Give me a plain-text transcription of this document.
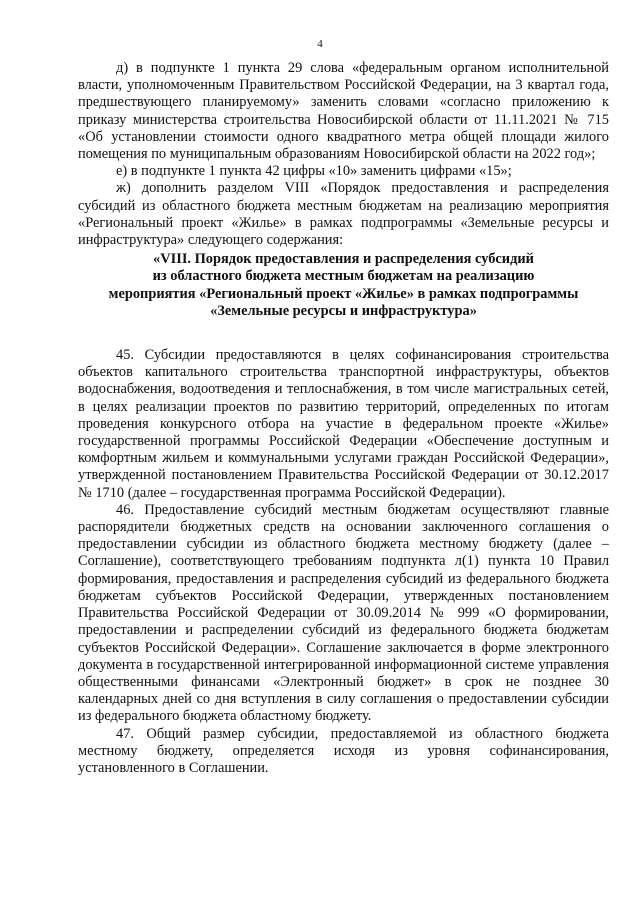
4

д) в подпункте 1 пункта 29 слова «федеральным органом исполнительной власти, уполномоченным Правительством Российской Федерации, на 3 квартал года, предшествующего планируемому» заменить словами «согласно приложению к приказу министерства строительства Новосибирской области от 11.11.2021 № 715 «Об установлении стоимости одного квадратного метра общей площади жилого помещения по муниципальным образованиям Новосибирской области на 2022 год»;

е) в подпункте 1 пункта 42 цифры «10» заменить цифрами «15»;

ж) дополнить разделом VIII «Порядок предоставления и распределения субсидий из областного бюджета местным бюджетам на реализацию мероприятия «Региональный проект «Жилье» в рамках подпрограммы «Земельные ресурсы и инфраструктура» следующего содержания:

«VIII. Порядок предоставления и распределения субсидий
из областного бюджета местным бюджетам на реализацию
мероприятия «Региональный проект «Жилье» в рамках подпрограммы
«Земельные ресурсы и инфраструктура»

45. Субсидии предоставляются в целях софинансирования строительства объектов капитального строительства транспортной инфраструктуры, объектов водоснабжения, водоотведения и теплоснабжения, в том числе магистральных сетей, в целях реализации проектов по развитию территорий, определенных по итогам проведения конкурсного отбора на участие в федеральном проекте «Жилье» государственной программы Российской Федерации «Обеспечение доступным и комфортным жильем и коммунальными услугами граждан Российской Федерации», утвержденной постановлением Правительства Российской Федерации от 30.12.2017 № 1710 (далее – государственная программа Российской Федерации).

46. Предоставление субсидий местным бюджетам осуществляют главные распорядители бюджетных средств на основании заключенного соглашения о предоставлении субсидии из областного бюджета местному бюджету (далее – Соглашение), соответствующего требованиям подпункта л(1) пункта 10 Правил формирования, предоставления и распределения субсидий из федерального бюджета бюджетам субъектов Российской Федерации, утвержденных постановлением Правительства Российской Федерации от 30.09.2014 № 999 «О формировании, предоставлении и распределении субсидий из федерального бюджета бюджетам субъектов Российской Федерации». Соглашение заключается в форме электронного документа в государственной интегрированной информационной системе управления общественными финансами «Электронный бюджет» в срок не позднее 30 календарных дней со дня вступления в силу соглашения о предоставлении субсидии из федерального бюджета областному бюджету.

47. Общий размер субсидии, предоставляемой из областного бюджета местному бюджету, определяется исходя из уровня софинансирования, установленного в Соглашении.
